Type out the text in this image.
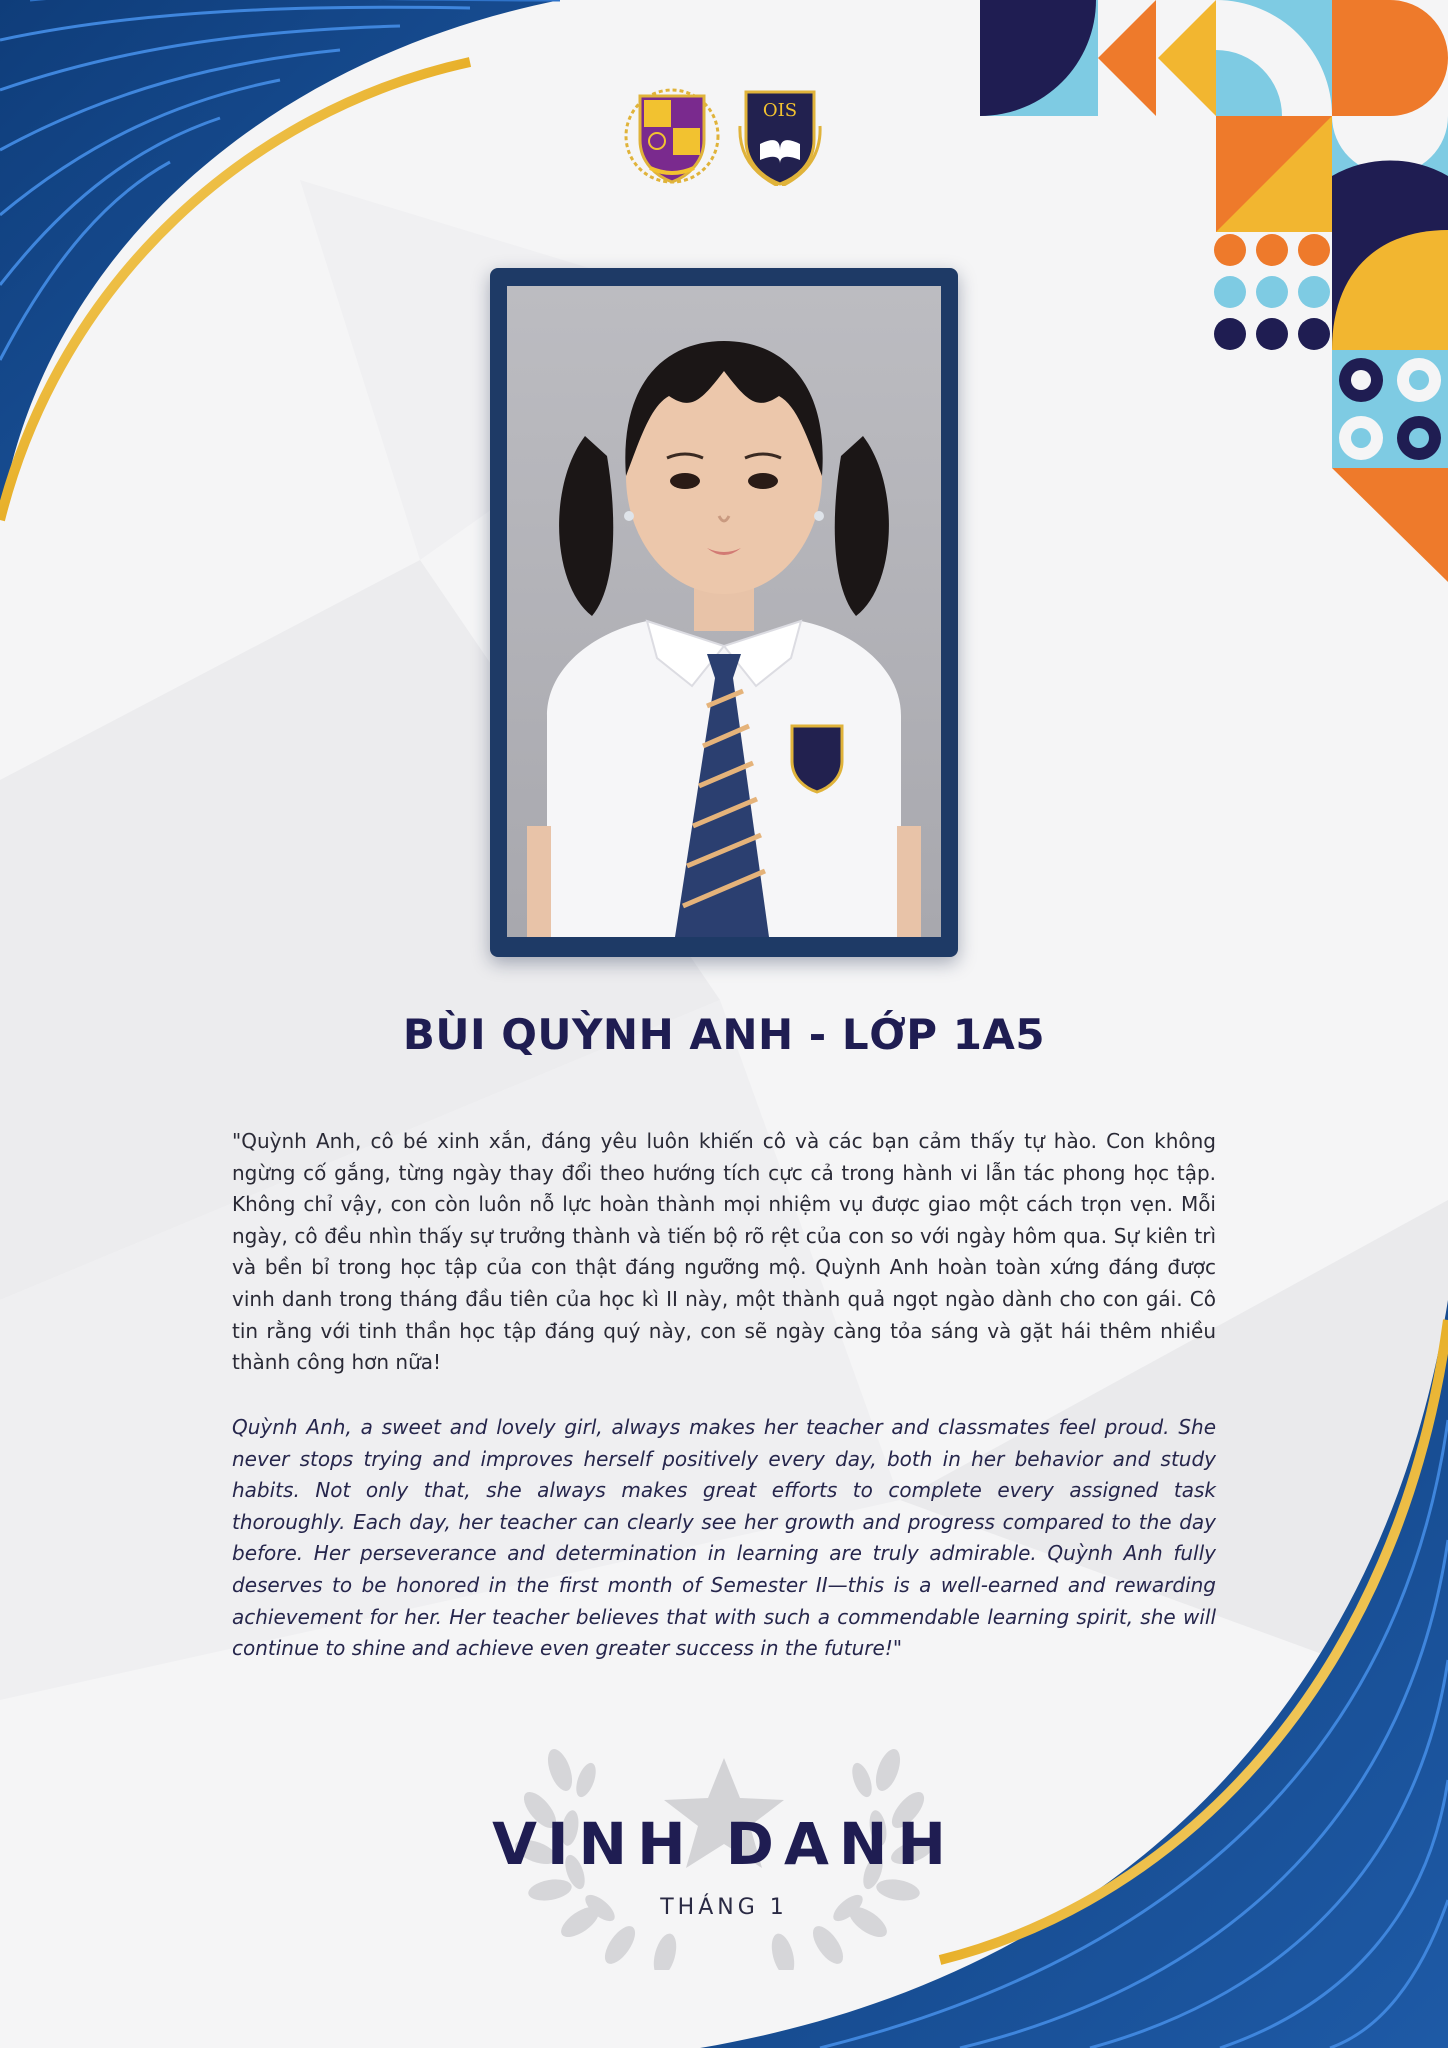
OIS
BÙI QUỲNH ANH - LỚP 1A5

"Quỳnh Anh, cô bé xinh xắn, đáng yêu luôn khiến cô và các bạn cảm thấy tự hào. Con không ngừng cố gắng, từng ngày thay đổi theo hướng tích cực cả trong hành vi lẫn tác phong học tập. Không chỉ vậy, con còn luôn nỗ lực hoàn thành mọi nhiệm vụ được giao một cách trọn vẹn. Mỗi ngày, cô đều nhìn thấy sự trưởng thành và tiến bộ rõ rệt của con so với ngày hôm qua. Sự kiên trì và bền bỉ trong học tập của con thật đáng ngưỡng mộ. Quỳnh Anh hoàn toàn xứng đáng được vinh danh trong tháng đầu tiên của học kì II này, một thành quả ngọt ngào dành cho con gái. Cô tin rằng với tinh thần học tập đáng quý này, con sẽ ngày càng tỏa sáng và gặt hái thêm nhiều thành công hơn nữa!

Quỳnh Anh, a sweet and lovely girl, always makes her teacher and classmates feel proud. She never stops trying and improves herself positively every day, both in her behavior and study habits. Not only that, she always makes great efforts to complete every assigned task thoroughly. Each day, her teacher can clearly see her growth and progress compared to the day before. Her perseverance and determination in learning are truly admirable. Quỳnh Anh fully deserves to be honored in the first month of Semester II—this is a well-earned and rewarding achievement for her. Her teacher believes that with such a commendable learning spirit, she will continue to shine and achieve even greater success in the future!"

VINH DANH
THÁNG 1
